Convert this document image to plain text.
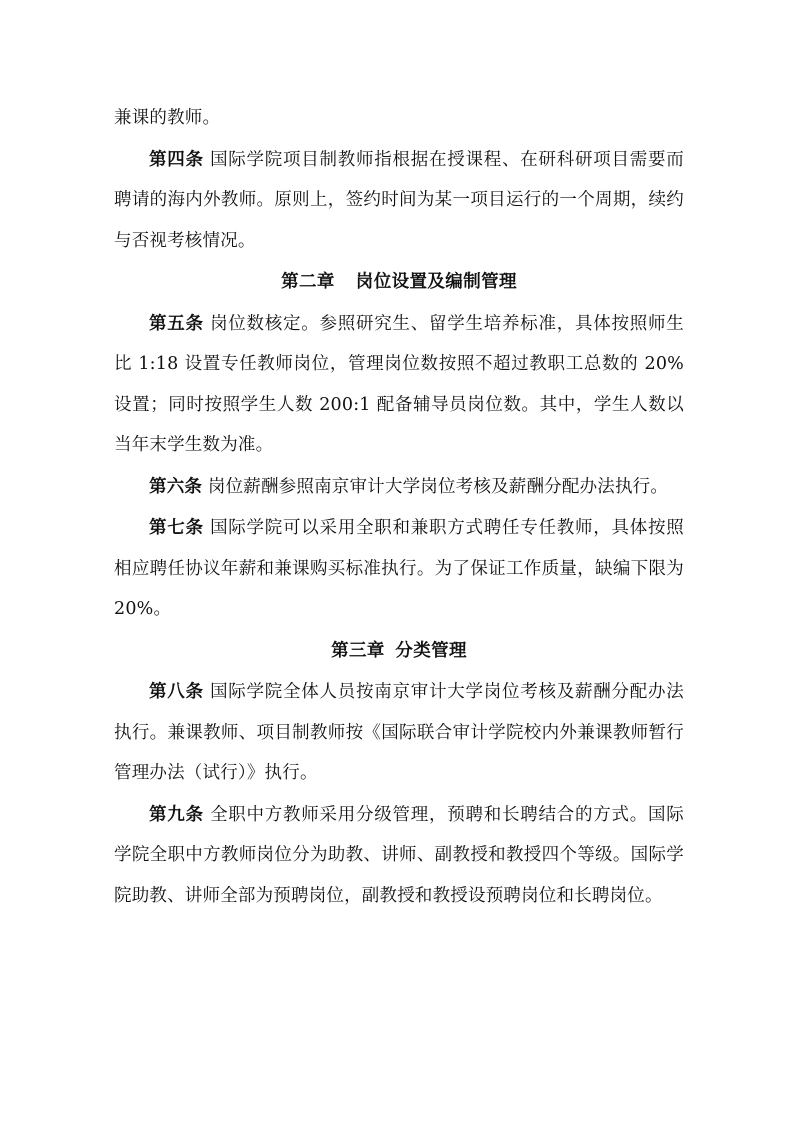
兼课的教师。

第四条 国际学院项目制教师指根据在授课程、在研科研项目需要而聘请的海内外教师。原则上，签约时间为某一项目运行的一个周期，续约与否视考核情况。

第二章 岗位设置及编制管理

第五条 岗位数核定。参照研究生、留学生培养标准，具体按照师生比 1:18 设置专任教师岗位，管理岗位数按照不超过教职工总数的 20%设置；同时按照学生人数 200:1 配备辅导员岗位数。其中，学生人数以当年末学生数为准。

第六条 岗位薪酬参照南京审计大学岗位考核及薪酬分配办法执行。

第七条 国际学院可以采用全职和兼职方式聘任专任教师，具体按照相应聘任协议年薪和兼课购买标准执行。为了保证工作质量，缺编下限为 20%。

第三章 分类管理

第八条 国际学院全体人员按南京审计大学岗位考核及薪酬分配办法执行。兼课教师、项目制教师按《国际联合审计学院校内外兼课教师暂行管理办法（试行）》执行。

第九条 全职中方教师采用分级管理，预聘和长聘结合的方式。国际学院全职中方教师岗位分为助教、讲师、副教授和教授四个等级。国际学院助教、讲师全部为预聘岗位，副教授和教授设预聘岗位和长聘岗位。
